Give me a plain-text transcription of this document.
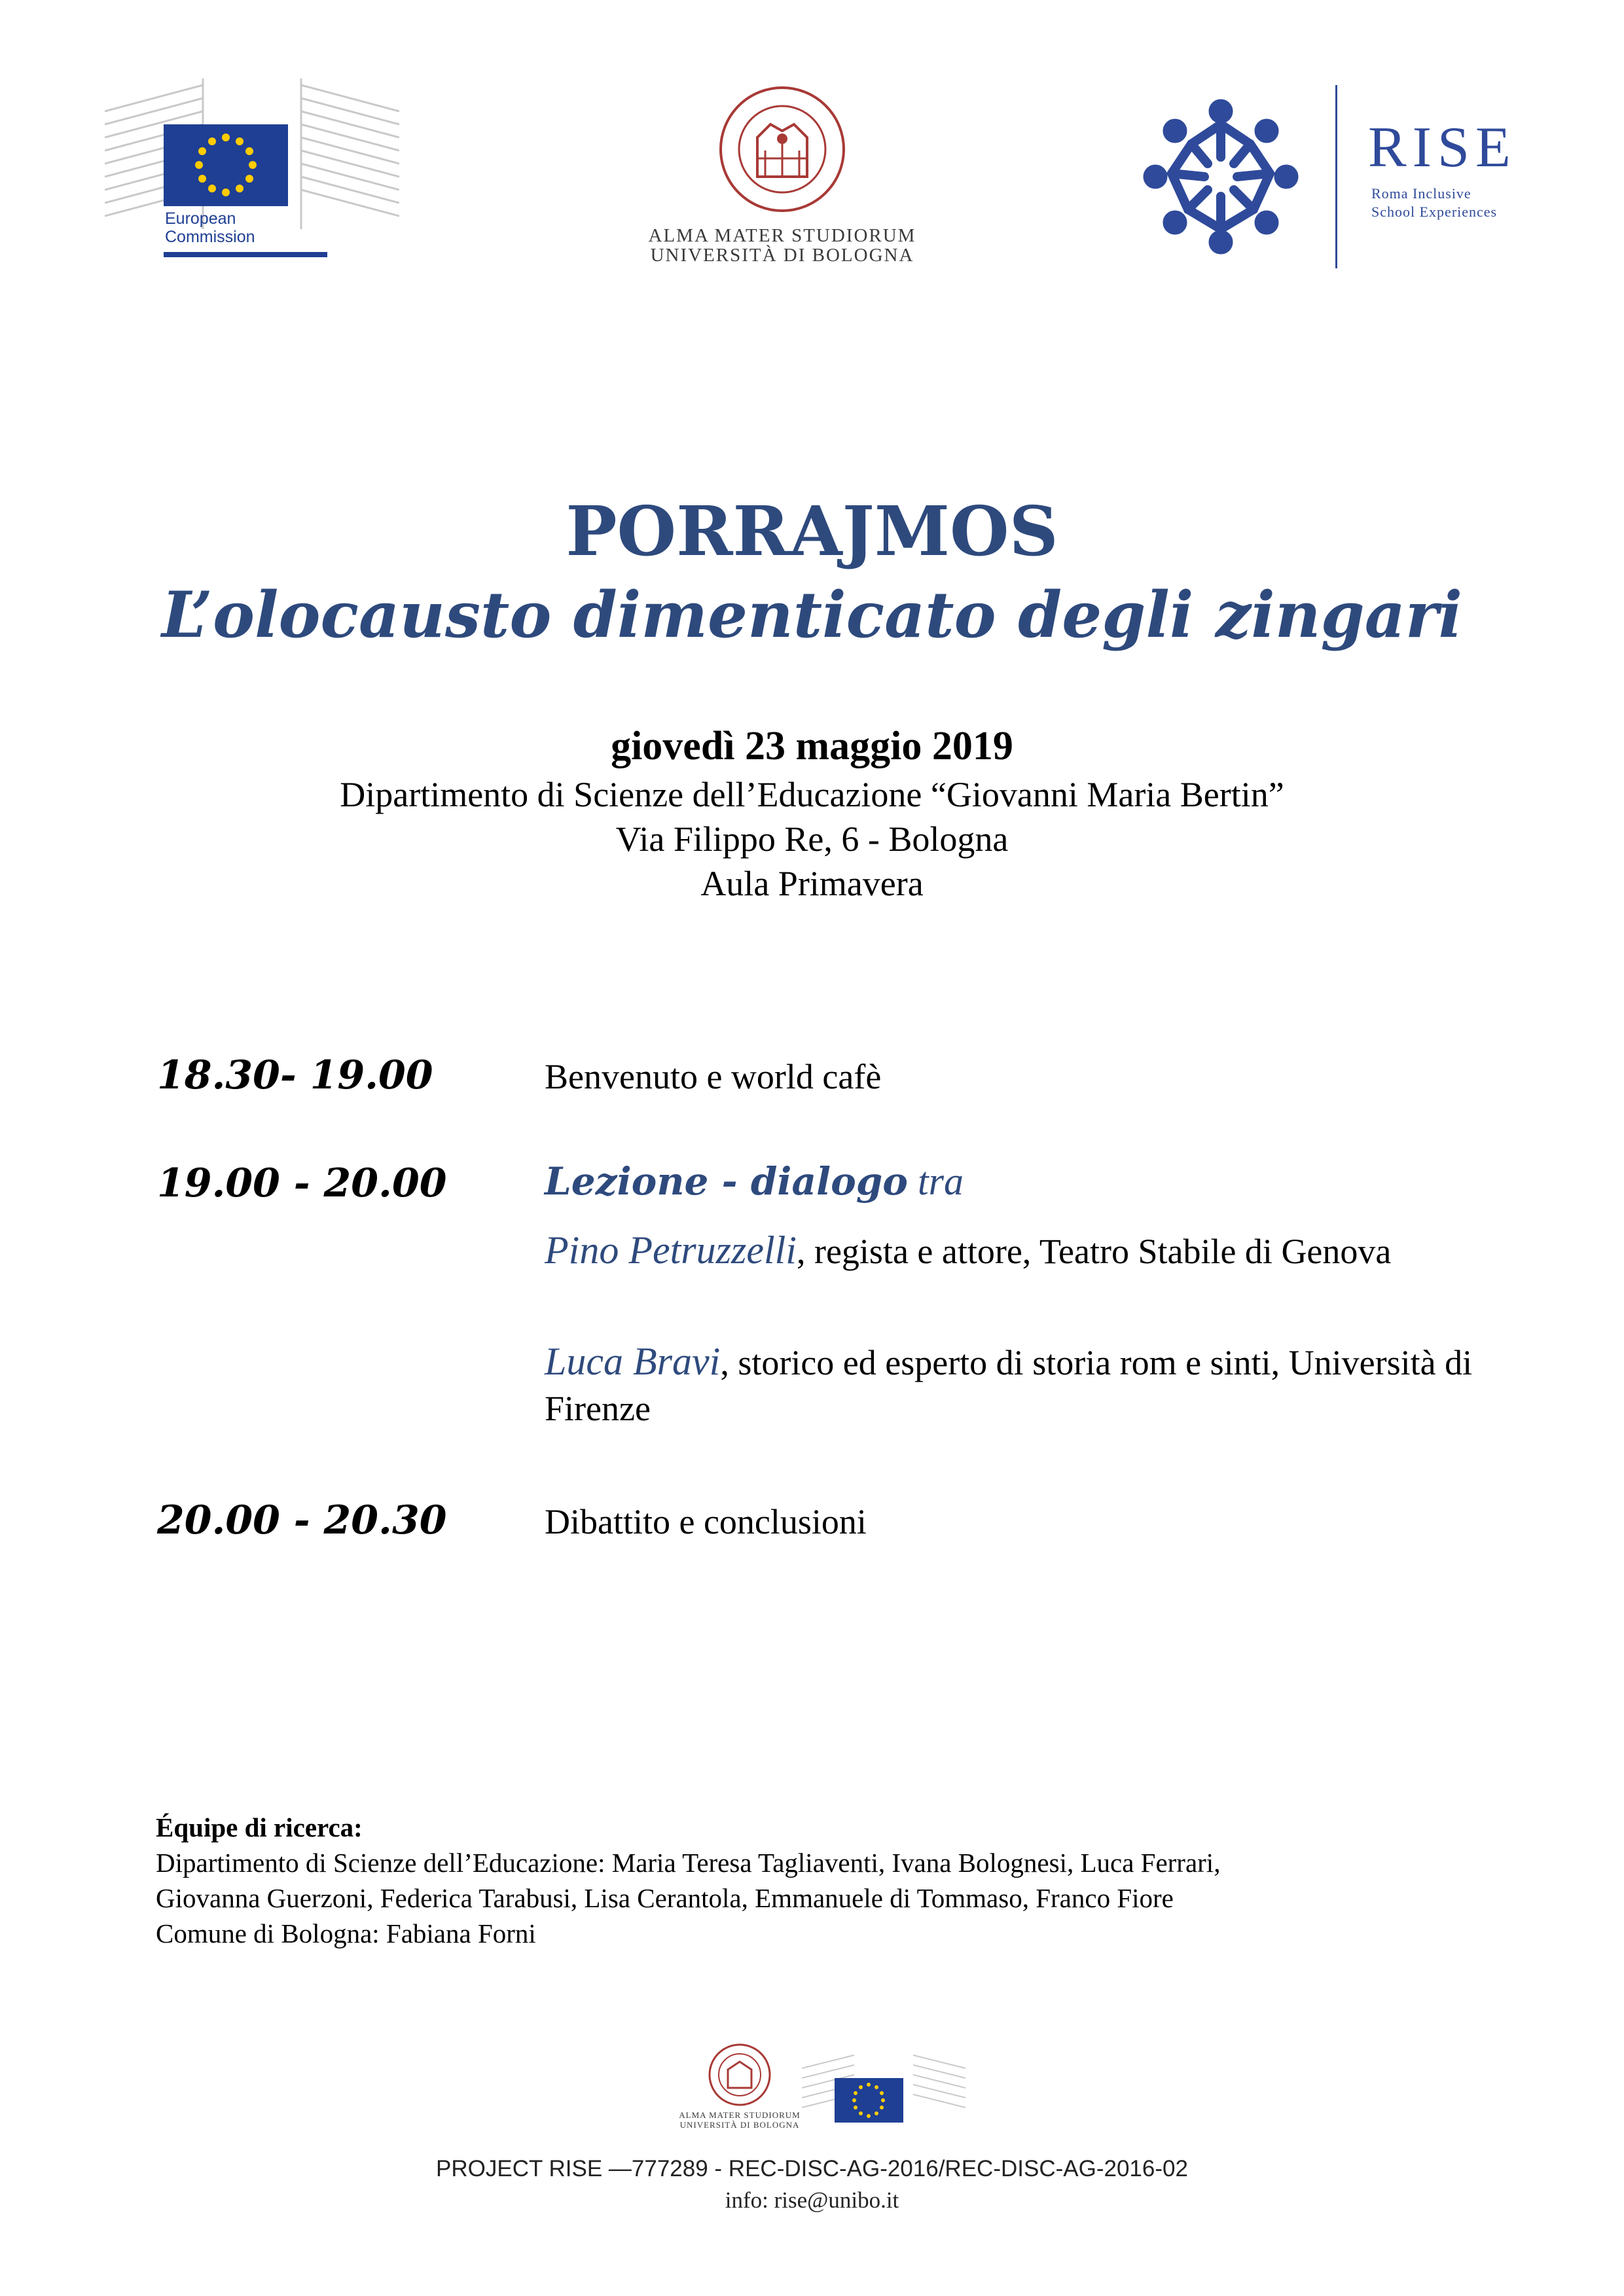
European
Commission	ALMA MATER STUDIORUM
UNIVERSITÀ DI BOLOGNA
RISE
Roma Inclusive
School Experiences
PORRAJMOS
L’olocausto dimenticato degli zingari
giovedì 23 maggio 2019
Dipartimento di Scienze dell’Educazione “Giovanni Maria Bertin”
Via Filippo Re, 6 - Bologna
Aula Primavera
18.30- 19.00	Benvenuto e world cafè
19.00 - 20.00	Lezione - dialogo tra
Pino Petruzzelli, regista e attore, Teatro Stabile di Genova
Luca Bravi, storico ed esperto di storia rom e sinti, Università di Firenze
20.00 - 20.30	Dibattito e conclusioni
Équipe di ricerca:
Dipartimento di Scienze dell’Educazione: Maria Teresa Tagliaventi, Ivana Bolognesi, Luca Ferrari,
Giovanna Guerzoni, Federica Tarabusi, Lisa Cerantola, Emmanuele di Tommaso, Franco Fiore
Comune di Bologna: Fabiana Forni
ALMA MATER STUDIORUM
UNIVERSITÀ DI BOLOGNA
PROJECT RISE —777289 - REC-DISC-AG-2016/REC-DISC-AG-2016-02
info: rise@unibo.it
